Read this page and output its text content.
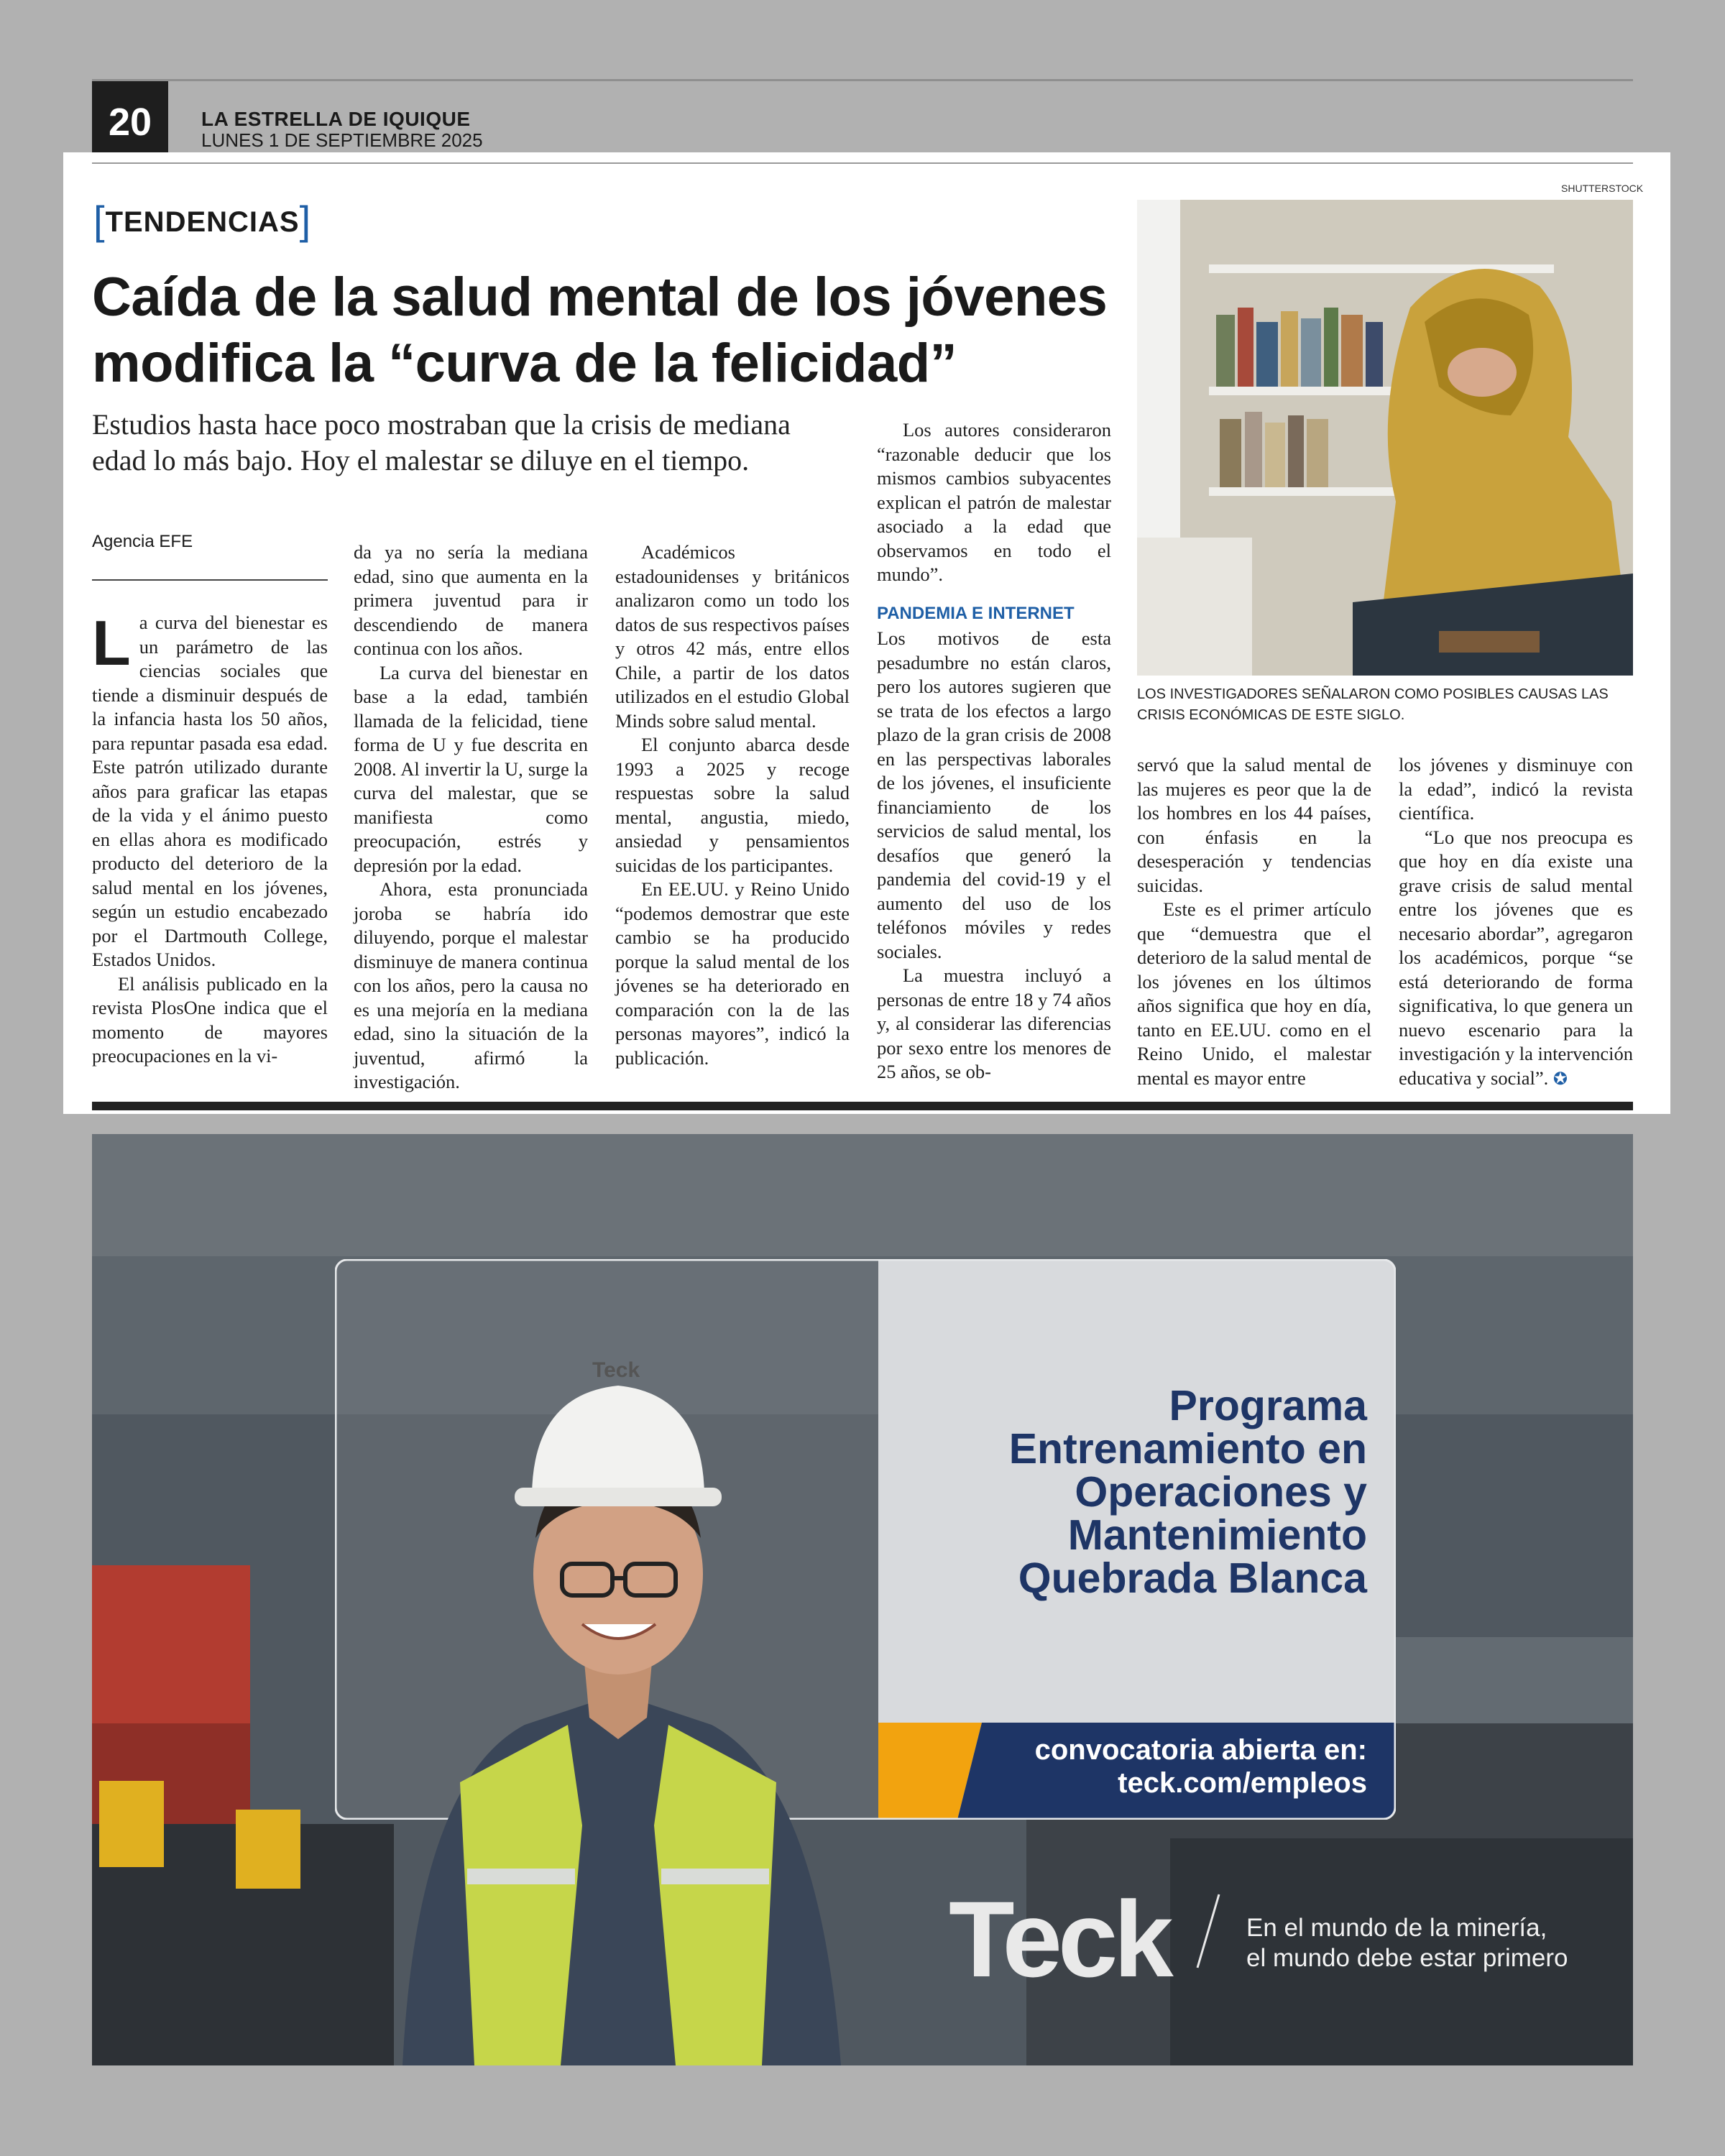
20	LA ESTRELLA DE IQUIQUE
LUNES 1 DE SEPTIEMBRE 2025
[TENDENCIAS]
Caída de la salud mental de los jóvenes modifica la “curva de la felicidad”
Estudios hasta hace poco mostraban que la crisis de mediana edad lo más bajo. Hoy el malestar se diluye en el tiempo.
Agencia EFE

La curva del bienestar es un parámetro de las ciencias sociales que tiende a disminuir después de la infancia hasta los 50 años, para repuntar pasada esa edad. Este patrón utilizado durante años para graficar las etapas de la vida y el ánimo puesto en ellas ahora es modificado producto del deterioro de la salud mental en los jóvenes, según un estudio encabezado por el Dartmouth College, Estados Unidos.

El análisis publicado en la revista PlosOne indica que el momento de mayores preocupaciones en la vi-

da ya no sería la mediana edad, sino que aumenta en la primera juventud para ir descendiendo de manera continua con los años.

La curva del bienestar en base a la edad, también llamada de la felicidad, tiene forma de U y fue descrita en 2008. Al invertir la U, surge la curva del malestar, que se manifiesta como preocupación, estrés y depresión por la edad.

Ahora, esta pronunciada joroba se habría ido diluyendo, porque el malestar disminuye de manera continua con los años, pero la causa no es una mejoría en la mediana edad, sino la situación de la juventud, afirmó la investigación.

Académicos estadounidenses y británicos analizaron como un todo los datos de sus respectivos países y otros 42 más, entre ellos Chile, a partir de los datos utilizados en el estudio Global Minds sobre salud mental.

El conjunto abarca desde 1993 a 2025 y recoge respuestas sobre la salud mental, angustia, miedo, ansiedad y pensamientos suicidas de los participantes.

En EE.UU. y Reino Unido “podemos demostrar que este cambio se ha producido porque la salud mental de los jóvenes se ha deteriorado en comparación con la de las personas mayores”, indicó la publicación.

Los autores consideraron “razonable deducir que los mismos cambios subyacentes explican el patrón de malestar asociado a la edad que observamos en todo el mundo”.

PANDEMIA E INTERNET

Los motivos de esta pesadumbre no están claros, pero los autores sugieren que se trata de los efectos a largo plazo de la gran crisis de 2008 en las perspectivas laborales de los jóvenes, el insuficiente financiamiento de los servicios de salud mental, los desafíos que generó la pandemia del covid-19 y el aumento del uso de los teléfonos móviles y redes sociales.

La muestra incluyó a personas de entre 18 y 74 años y, al considerar las diferencias por sexo entre los menores de 25 años, se ob-

servó que la salud mental de las mujeres es peor que la de los hombres en los 44 países, con énfasis en la desesperación y tendencias suicidas.

Este es el primer artículo que “demuestra que el deterioro de la salud mental de los jóvenes en los últimos años significa que hoy en día, tanto en EE.UU. como en el Reino Unido, el malestar mental es mayor entre

los jóvenes y disminuye con la edad”, indicó la revista científica.

“Lo que nos preocupa es que hoy en día existe una grave crisis de salud mental entre los jóvenes que es necesario abordar”, agregaron los académicos, porque “se está deteriorando de forma significativa, lo que genera un nuevo escenario para la investigación y la intervención educativa y social”. ✪

SHUTTERSTOCK
LOS INVESTIGADORES SEÑALARON COMO POSIBLES CAUSAS LAS CRISIS ECONÓMICAS DE ESTE SIGLO.
Teck
Programa
Entrenamiento en
Operaciones y
Mantenimiento
Quebrada Blanca
convocatoria abierta en:
teck.com/empleos
Teck	En el mundo de la minería,
el mundo debe estar primero
